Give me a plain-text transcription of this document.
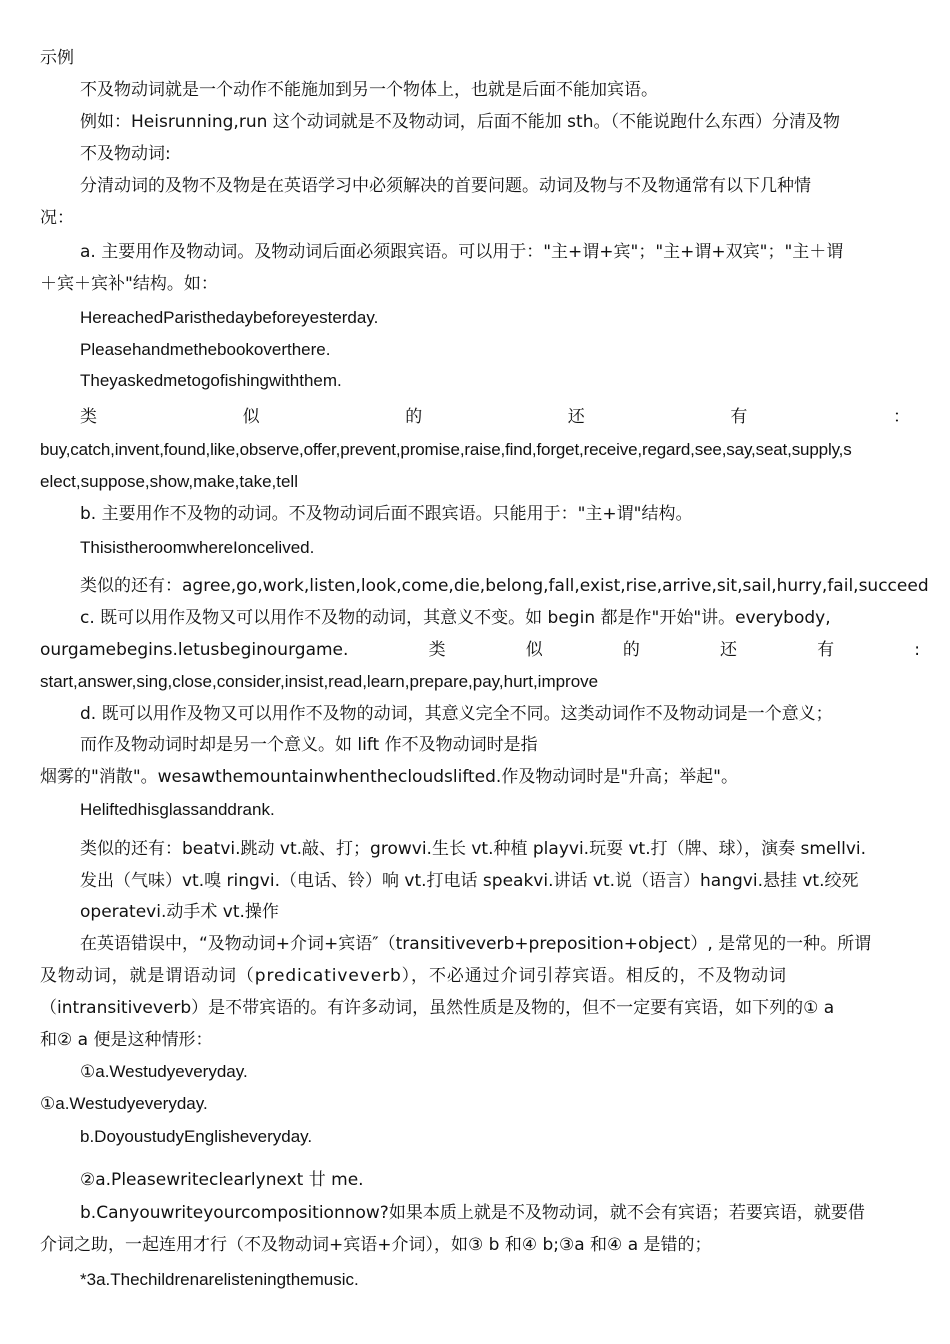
示例
不及物动词就是一个动作不能施加到另一个物体上，也就是后面不能加宾语。
例如：Heisrunning,run 这个动词就是不及物动词，后面不能加 sth。（不能说跑什么东西）分清及物
不及物动词:
分清动词的及物不及物是在英语学习中必须解决的首要问题。动词及物与不及物通常有以下几种情
况：
a. 主要用作及物动词。及物动词后面必须跟宾语。可以用于："主+谓+宾"；"主+谓+双宾"；"主＋谓
＋宾＋宾补"结构。如：
HereachedParisthedaybeforeyesterday.
Pleasehandmethebookoverthere.
Theyaskedmetogofishingwiththem.
类	似	的	还	有	：
buy,catch,invent,found,like,observe,offer,prevent,promise,raise,find,forget,receive,regard,see,say,seat,supply,s
elect,suppose,show,make,take,tell
b. 主要用作不及物的动词。不及物动词后面不跟宾语。只能用于："主+谓"结构。
ThisistheroomwhereIoncelived.
类似的还有：agree,go,work,listen,look,come,die,belong,fall,exist,rise,arrive,sit,sail,hurry,fail,succeed
c. 既可以用作及物又可以用作不及物的动词，其意义不变。如 begin 都是作"开始"讲。everybody,
ourgamebegins.letusbeginourgame.	类	似	的	还	有	:
start,answer,sing,close,consider,insist,read,learn,prepare,pay,hurt,improve
d. 既可以用作及物又可以用作不及物的动词，其意义完全不同。这类动词作不及物动词是一个意义；
而作及物动词时却是另一个意义。如 lift 作不及物动词时是指
烟雾的"消散"。wesawthemountainwhenthecloudslifted.作及物动词时是"升高；举起"。
Heliftedhisglassanddrank.
类似的还有：beatvi.跳动 vt.敲、打；growvi.生长 vt.种植 playvi.玩耍 vt.打（牌、球），演奏 smellvi.
发出（气味）vt.嗅 ringvi.（电话、铃）响 vt.打电话 speakvi.讲话 vt.说（语言）hangvi.悬挂 vt.绞死
operatevi.动手术 vt.操作
在英语错误中，“及物动词+介词+宾语″（transitiveverb+preposition+object）, 是常见的一种。所谓
及物动词，就是谓语动词（predicativeverb），不必通过介词引荐宾语。相反的，不及物动词
（intransitiveverb）是不带宾语的。有许多动词，虽然性质是及物的，但不一定要有宾语，如下列的① a
和② a 便是这种情形：
①a.Westudyeveryday.
①a.Westudyeveryday.
b.DoyoustudyEnglisheveryday.
②a.Pleasewriteclearlynext 廿 me.
b.Canyouwriteyourcompositionnow?如果本质上就是不及物动词，就不会有宾语；若要宾语，就要借
介词之助，一起连用才行（不及物动词+宾语+介词），如③ b 和④ b;③a 和④ a 是错的；
*3a.Thechildrenarelisteningthemusic.
